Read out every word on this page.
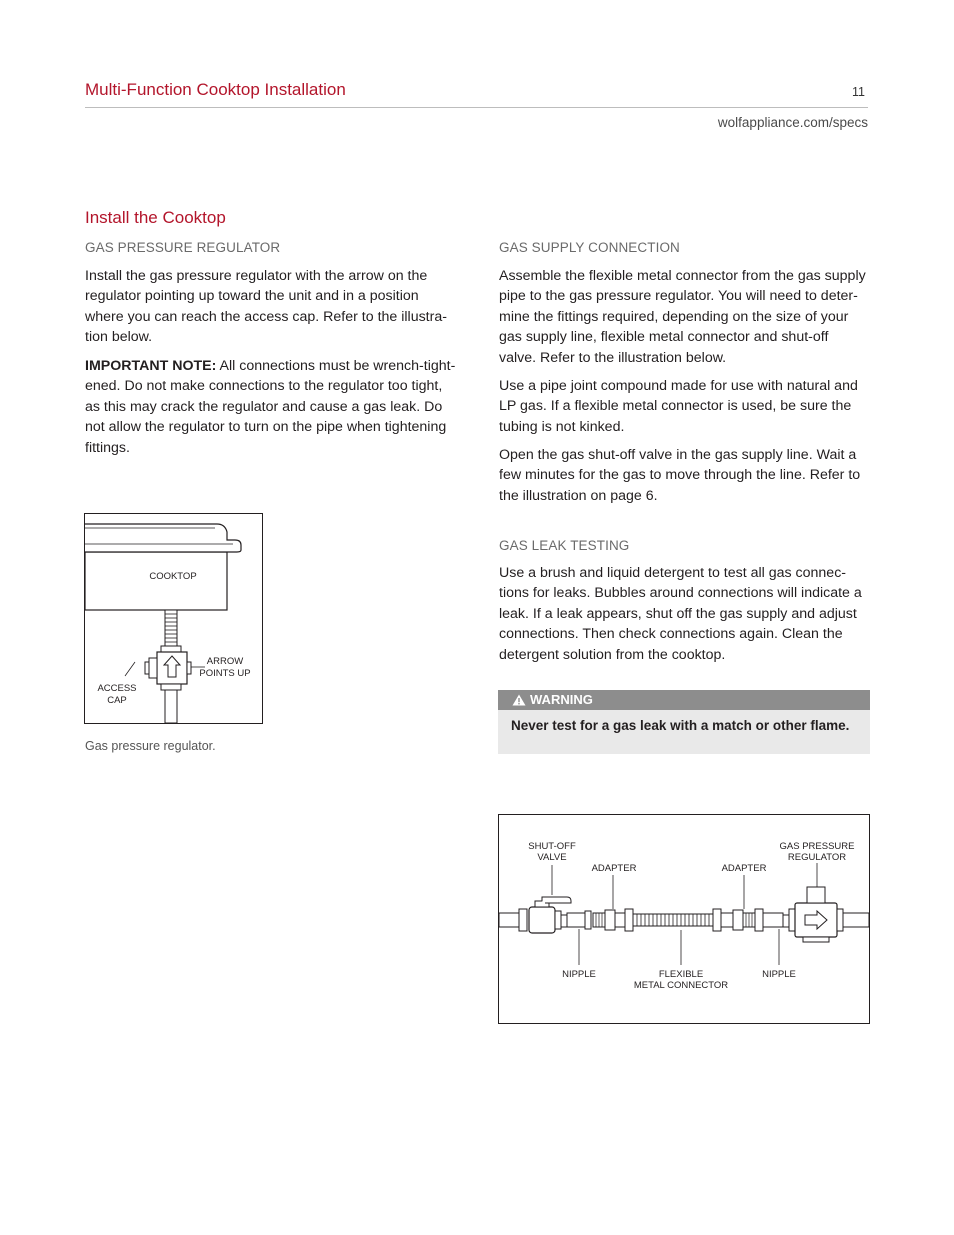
Multi-Function Cooktop Installation	11
wolfappliance.com/specs
Install the Cooktop
GAS PRESSURE REGULATOR
Install the gas pressure regulator with the arrow on the
regulator pointing up toward the unit and in a position
where you can reach the access cap. Refer to the illustra-
tion below.
IMPORTANT NOTE: All connections must be wrench-tight-
ened. Do not make connections to the regulator too tight,
as this may crack the regulator and cause a gas leak. Do
not allow the regulator to turn on the pipe when tightening
fittings.
COOKTOP
ARROW
POINTS UP
ACCESS
CAP
Gas pressure regulator.
GAS SUPPLY CONNECTION
Assemble the flexible metal connector from the gas supply
pipe to the gas pressure regulator. You will need to deter-
mine the fittings required, depending on the size of your
gas supply line, flexible metal connector and shut-off
valve. Refer to the illustration below.
Use a pipe joint compound made for use with natural and
LP gas. If a flexible metal connector is used, be sure the
tubing is not kinked.
Open the gas shut-off valve in the gas supply line. Wait a
few minutes for the gas to move through the line. Refer to
the illustration on page 6.
GAS LEAK TESTING
Use a brush and liquid detergent to test all gas connec-
tions for leaks. Bubbles around connections will indicate a
leak. If a leak appears, shut off the gas supply and adjust
connections. Then check connections again. Clean the
detergent solution from the cooktop.
WARNING
Never test for a gas leak with a match or other flame.
SHUT-OFF
VALVE
ADAPTER	ADAPTER
GAS PRESSURE
REGULATOR
NIPPLE	FLEXIBLE
METAL CONNECTOR
NIPPLE
